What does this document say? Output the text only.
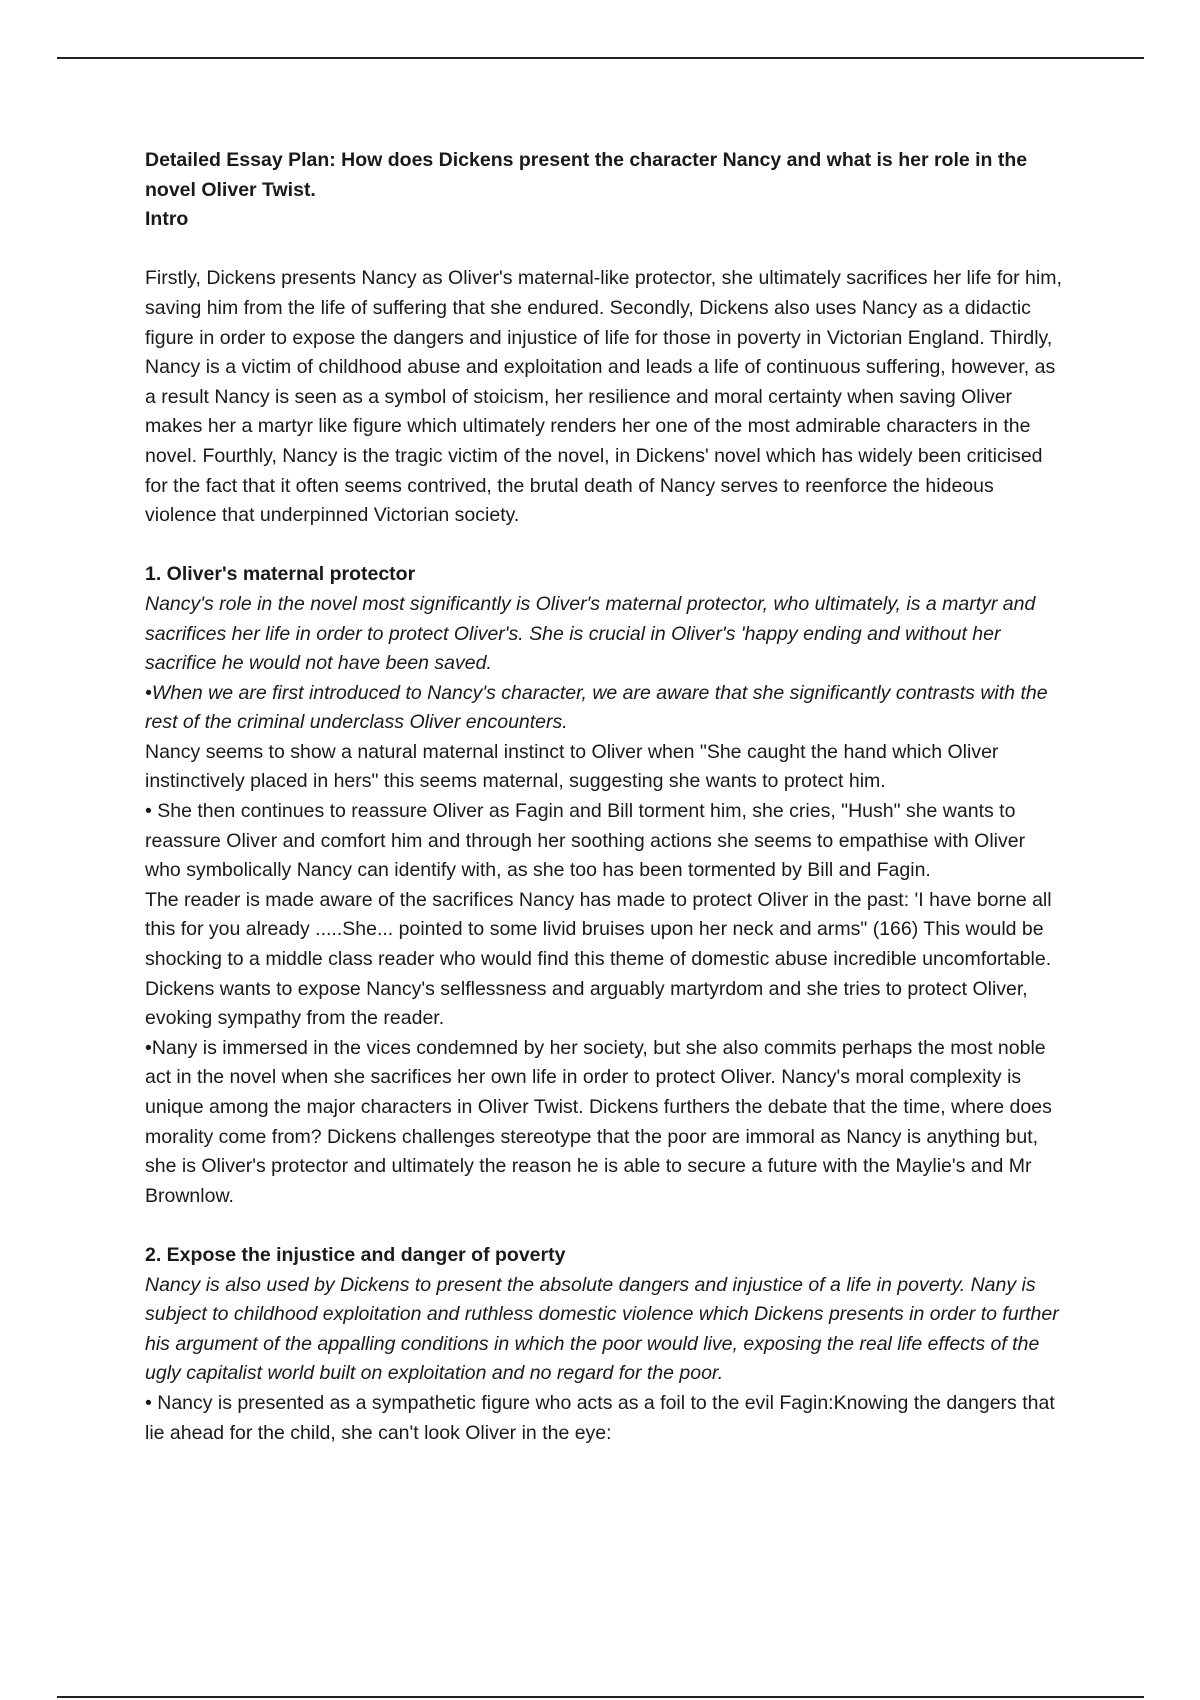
Detailed Essay Plan: How does Dickens present the character Nancy and what is her role in the novel Oliver Twist.

Intro

Firstly, Dickens presents Nancy as Oliver's maternal-like protector, she ultimately sacrifices her life for him, saving him from the life of suffering that she endured. Secondly, Dickens also uses Nancy as a didactic figure in order to expose the dangers and injustice of life for those in poverty in Victorian England. Thirdly, Nancy is a victim of childhood abuse and exploitation and leads a life of continuous suffering, however, as a result Nancy is seen as a symbol of stoicism, her resilience and moral certainty when saving Oliver makes her a martyr like figure which ultimately renders her one of the most admirable characters in the novel. Fourthly, Nancy is the tragic victim of the novel, in Dickens' novel which has widely been criticised for the fact that it often seems contrived, the brutal death of Nancy serves to reenforce the hideous violence that underpinned Victorian society.

1. Oliver's maternal protector

Nancy's role in the novel most significantly is Oliver's maternal protector, who ultimately, is a martyr and sacrifices her life in order to protect Oliver's. She is crucial in Oliver's 'happy ending and without her sacrifice he would not have been saved.

•When we are first introduced to Nancy's character, we are aware that she significantly contrasts with the rest of the criminal underclass Oliver encounters.

Nancy seems to show a natural maternal instinct to Oliver when "She caught the hand which Oliver instinctively placed in hers" this seems maternal, suggesting she wants to protect him.

• She then continues to reassure Oliver as Fagin and Bill torment him, she cries, "Hush" she wants to reassure Oliver and comfort him and through her soothing actions she seems to empathise with Oliver who symbolically Nancy can identify with, as she too has been tormented by Bill and Fagin.

The reader is made aware of the sacrifices Nancy has made to protect Oliver in the past: 'I have borne all this for you already .....She... pointed to some livid bruises upon her neck and arms" (166) This would be shocking to a middle class reader who would find this theme of domestic abuse incredible uncomfortable. Dickens wants to expose Nancy's selflessness and arguably martyrdom and she tries to protect Oliver, evoking sympathy from the reader.

•Nany is immersed in the vices condemned by her society, but she also commits perhaps the most noble act in the novel when she sacrifices her own life in order to protect Oliver. Nancy's moral complexity is unique among the major characters in Oliver Twist. Dickens furthers the debate that the time, where does morality come from? Dickens challenges stereotype that the poor are immoral as Nancy is anything but, she is Oliver's protector and ultimately the reason he is able to secure a future with the Maylie's and Mr Brownlow.

2. Expose the injustice and danger of poverty

Nancy is also used by Dickens to present the absolute dangers and injustice of a life in poverty. Nany is subject to childhood exploitation and ruthless domestic violence which Dickens presents in order to further his argument of the appalling conditions in which the poor would live, exposing the real life effects of the ugly capitalist world built on exploitation and no regard for the poor.

• Nancy is presented as a sympathetic figure who acts as a foil to the evil Fagin:Knowing the dangers that lie ahead for the child, she can't look Oliver in the eye:
